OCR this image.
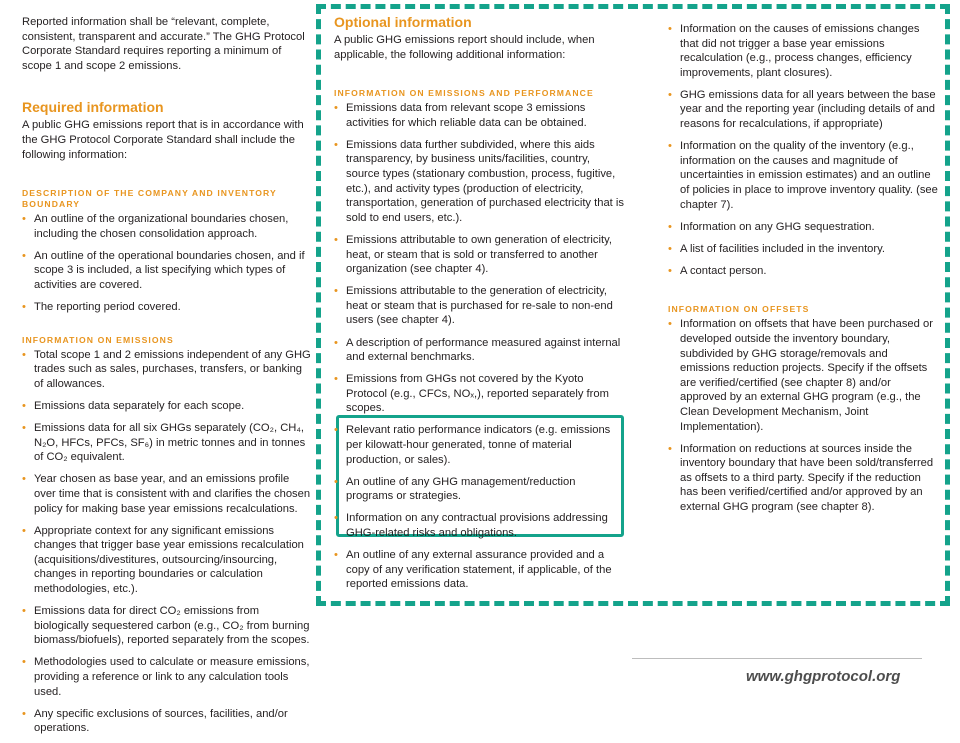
Reported information shall be “relevant, complete, consistent, transparent and accurate.” The GHG Protocol Corporate Standard requires reporting a minimum of scope 1 and scope 2 emissions.

Required information

A public GHG emissions report that is in accordance with the GHG Protocol Corporate Standard shall include the following information:

DESCRIPTION OF THE COMPANY AND INVENTORY BOUNDARY
• An outline of the organizational boundaries chosen, including the chosen consolidation approach.
• An outline of the operational boundaries chosen, and if scope 3 is included, a list specifying which types of activities are covered.
• The reporting period covered.
INFORMATION ON EMISSIONS
• Total scope 1 and 2 emissions independent of any GHG trades such as sales, purchases, transfers, or banking of allowances.
• Emissions data separately for each scope.
• Emissions data for all six GHGs separately (CO₂, CH₄, N₂O, HFCs, PFCs, SF₆) in metric tonnes and in tonnes of CO₂ equivalent.
• Year chosen as base year, and an emissions profile over time that is consistent with and clarifies the chosen policy for making base year emissions recalculations.
• Appropriate context for any significant emissions changes that trigger base year emissions recalculation (acquisitions/divestitures, outsourcing/insourcing, changes in reporting boundaries or calculation methodologies, etc.).
• Emissions data for direct CO₂ emissions from biologically sequestered carbon (e.g., CO₂ from burning biomass/biofuels), reported separately from the scopes.
• Methodologies used to calculate or measure emissions, providing a reference or link to any calculation tools used.
• Any specific exclusions of sources, facilities, and/or operations.
Optional information

A public GHG emissions report should include, when applicable, the following additional information:

INFORMATION ON EMISSIONS AND PERFORMANCE
• Emissions data from relevant scope 3 emissions activities for which reliable data can be obtained.
• Emissions data further subdivided, where this aids transparency, by business units/facilities, country, source types (stationary combustion, process, fugitive, etc.), and activity types (production of electricity, transportation, generation of purchased electricity that is sold to end users, etc.).
• Emissions attributable to own generation of electricity, heat, or steam that is sold or transferred to another organization (see chapter 4).
• Emissions attributable to the generation of electricity, heat or steam that is purchased for re-sale to non-end users (see chapter 4).
• A description of performance measured against internal and external benchmarks.
• Emissions from GHGs not covered by the Kyoto Protocol (e.g., CFCs, NOₓ,), reported separately from scopes.
• Relevant ratio performance indicators (e.g. emissions per kilowatt-hour generated, tonne of material production, or sales).
• An outline of any GHG management/reduction programs or strategies.
• Information on any contractual provisions addressing GHG-related risks and obligations.
• An outline of any external assurance provided and a copy of any verification statement, if applicable, of the reported emissions data.
• Information on the causes of emissions changes that did not trigger a base year emissions recalculation (e.g., process changes, efficiency improvements, plant closures).
• GHG emissions data for all years between the base year and the reporting year (including details of and reasons for recalculations, if appropriate)
• Information on the quality of the inventory (e.g., information on the causes and magnitude of uncertainties in emission estimates) and an outline of policies in place to improve inventory quality. (see chapter 7).
• Information on any GHG sequestration.
• A list of facilities included in the inventory.
• A contact person.
INFORMATION ON OFFSETS
• Information on offsets that have been purchased or developed outside the inventory boundary, subdivided by GHG storage/removals and emissions reduction projects. Specify if the offsets are verified/certified (see chapter 8) and/or approved by an external GHG program (e.g., the Clean Development Mechanism, Joint Implementation).
• Information on reductions at sources inside the inventory boundary that have been sold/transferred as offsets to a third party. Specify if the reduction has been verified/certified and/or approved by an external GHG program (see chapter 8).
www.ghgprotocol.org
